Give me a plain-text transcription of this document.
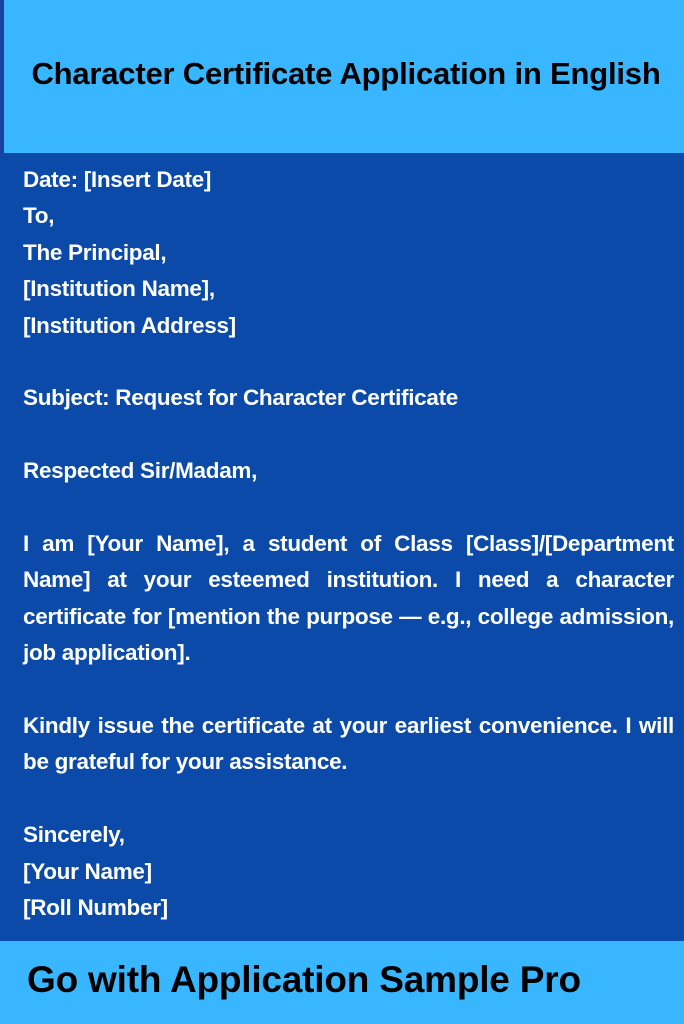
Character Certificate Application in English
Date: [Insert Date]
To,
The Principal,
[Institution Name],
[Institution Address]
Subject: Request for Character Certificate
Respected Sir/Madam,
I am [Your Name], a student of Class [Class]/[Department Name] at your esteemed institution. I need a character certificate for [mention the purpose — e.g., college admission, job application].
Kindly issue the certificate at your earliest convenience. I will be grateful for your assistance.
Sincerely,
[Your Name]
[Roll Number]
Go with Application Sample Pro
